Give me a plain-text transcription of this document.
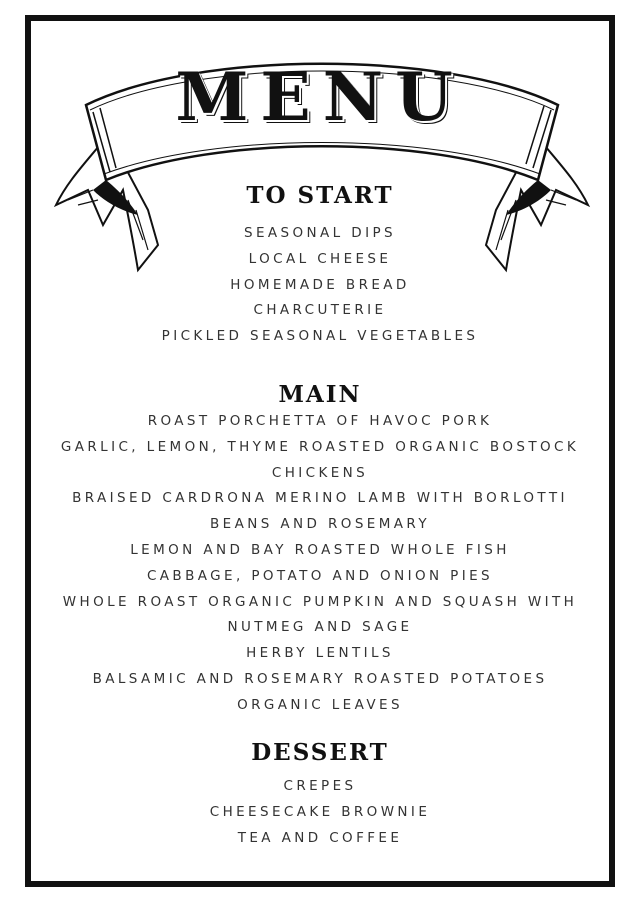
MENU
TO START
SEASONAL DIPS
LOCAL CHEESE
HOMEMADE BREAD
CHARCUTERIE
PICKLED SEASONAL VEGETABLES
MAIN
ROAST PORCHETTA OF HAVOC PORK
GARLIC, LEMON, THYME ROASTED ORGANIC BOSTOCK
CHICKENS
BRAISED CARDRONA MERINO LAMB WITH BORLOTTI
BEANS AND ROSEMARY
LEMON AND BAY ROASTED WHOLE FISH
CABBAGE, POTATO AND ONION PIES
WHOLE ROAST ORGANIC PUMPKIN AND SQUASH WITH
NUTMEG AND SAGE
HERBY LENTILS
BALSAMIC AND ROSEMARY ROASTED POTATOES
ORGANIC LEAVES
DESSERT
CREPES
CHEESECAKE BROWNIE
TEA AND COFFEE
